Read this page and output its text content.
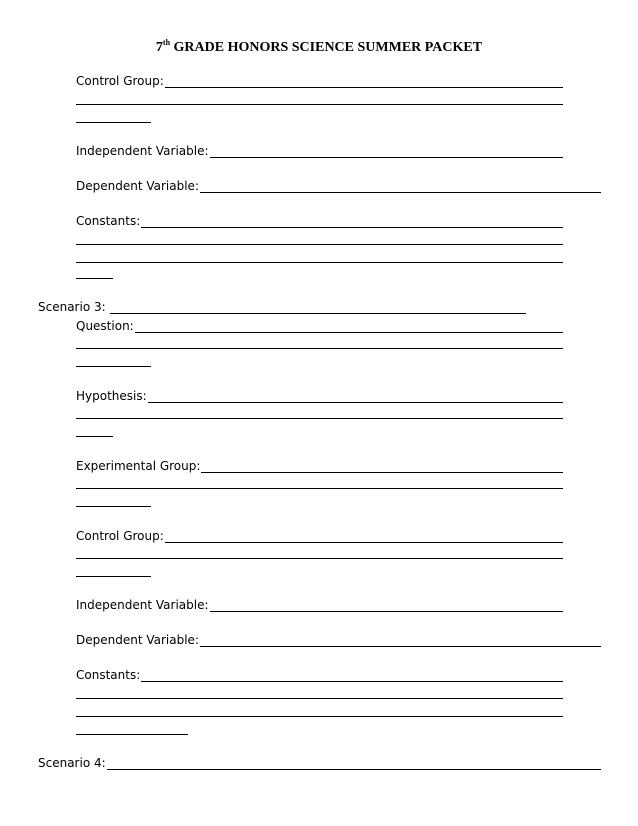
7th GRADE HONORS SCIENCE SUMMER PACKET
Control Group:
Independent Variable:
Dependent Variable:
Constants:
Scenario 3:
Question:
Hypothesis:
Experimental Group:
Control Group:
Independent Variable:
Dependent Variable:
Constants:
Scenario 4:
